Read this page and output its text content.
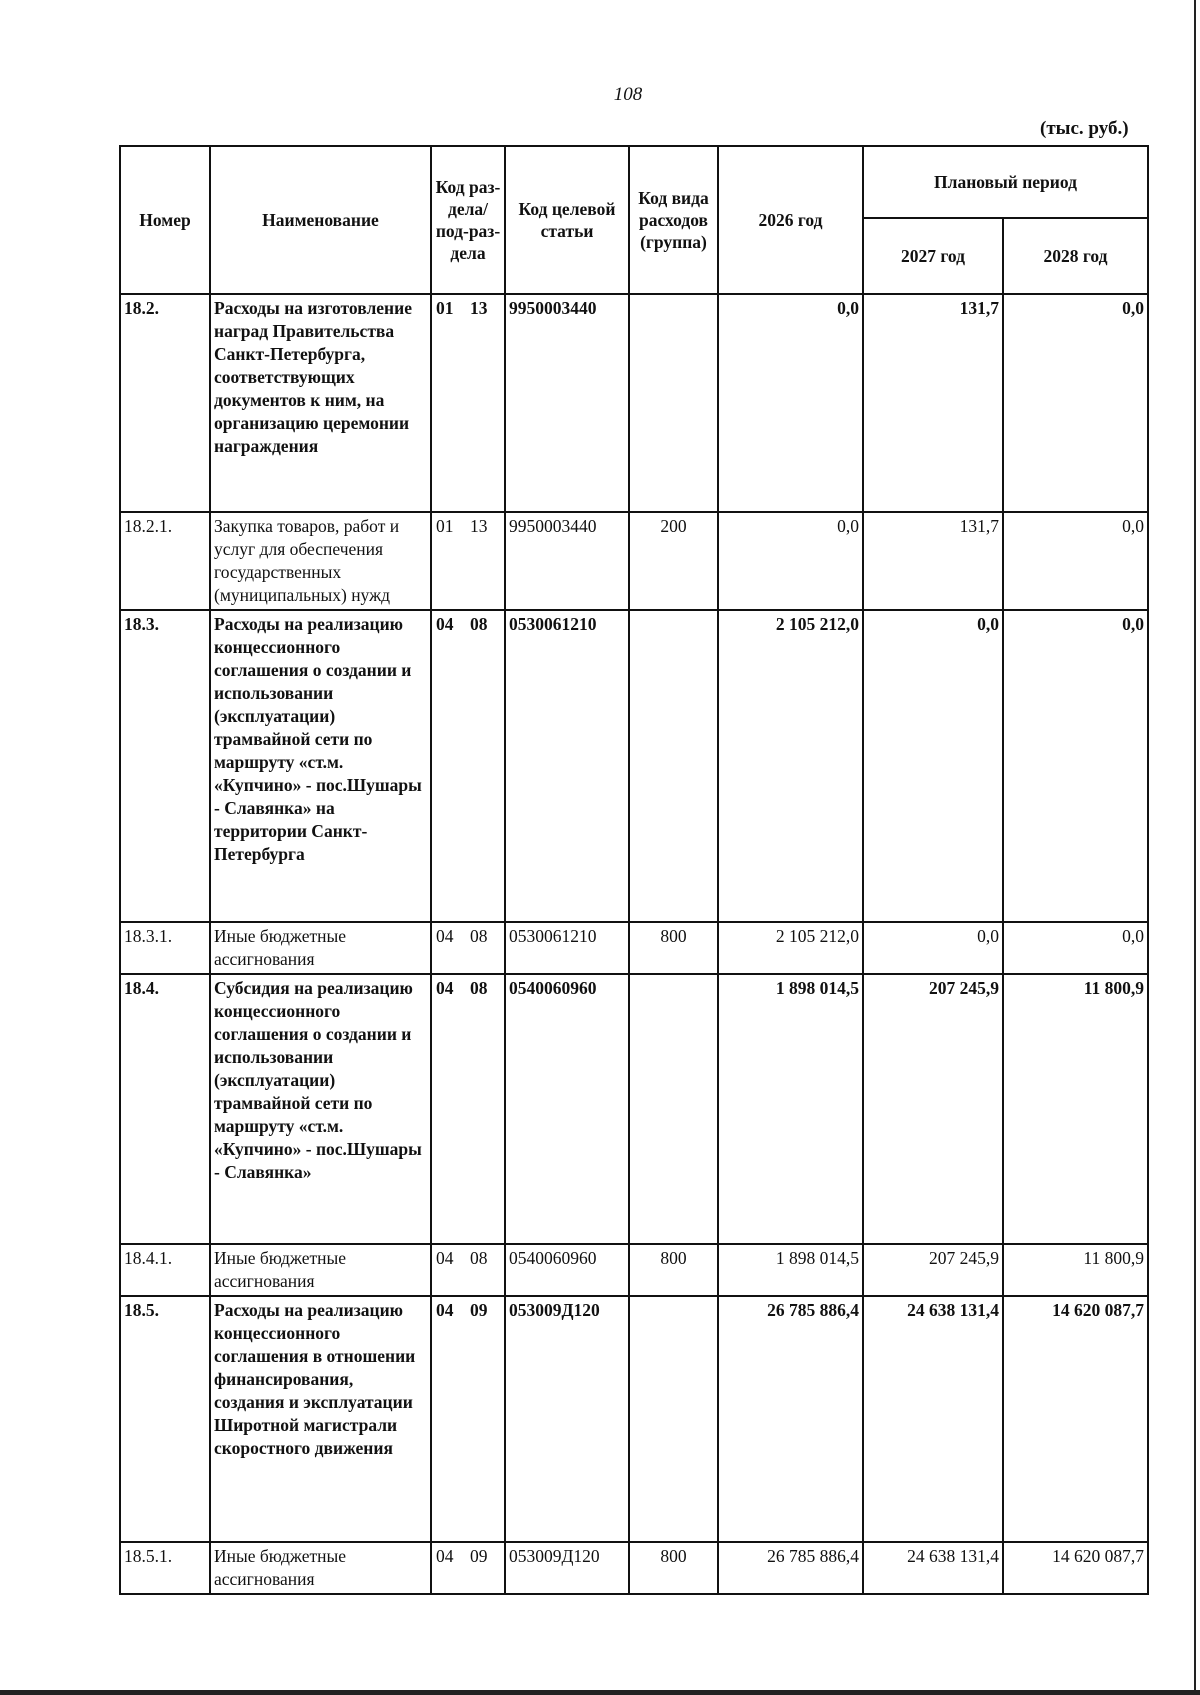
108
(тыс. руб.)
Номер	Наименование	Код раз-дела/ под-раз-дела	Код целевой статьи	Код вида расходов (группа)	2026 год	Плановый период	
						2027 год	2028 год
18.2.	Расходы на изготовление наград Правительства Санкт-Петербурга, соответствующих документов к ним, на организацию церемонии награждения	01 13	9950003440		0,0	131,7	0,0
18.2.1.	Закупка товаров, работ и услуг для обеспечения государственных (муниципальных) нужд	01 13	9950003440	200	0,0	131,7	0,0
18.3.	Расходы на реализацию концессионного соглашения о создании и использовании (эксплуатации) трамвайной сети по маршруту «ст.м. «Купчино» - пос.Шушары - Славянка» на территории Санкт-Петербурга	04 08	0530061210		2 105 212,0	0,0	0,0
18.3.1.	Иные бюджетные ассигнования	04 08	0530061210	800	2 105 212,0	0,0	0,0
18.4.	Субсидия на реализацию концессионного соглашения о создании и использовании (эксплуатации) трамвайной сети по маршруту «ст.м. «Купчино» - пос.Шушары - Славянка»	04 08	0540060960		1 898 014,5	207 245,9	11 800,9
18.4.1.	Иные бюджетные ассигнования	04 08	0540060960	800	1 898 014,5	207 245,9	11 800,9
18.5.	Расходы на реализацию концессионного соглашения в отношении финансирования, создания и эксплуатации Широтной магистрали скоростного движения	04 09	053009Д120		26 785 886,4	24 638 131,4	14 620 087,7
18.5.1.	Иные бюджетные ассигнования	04 09	053009Д120	800	26 785 886,4	24 638 131,4	14 620 087,7
